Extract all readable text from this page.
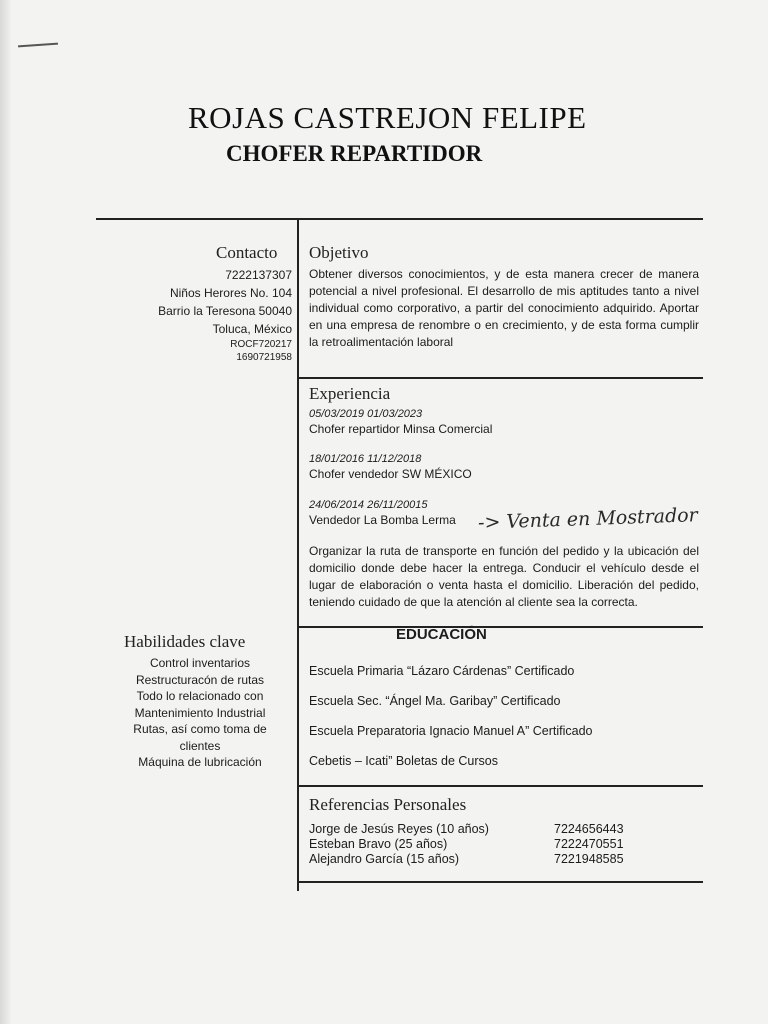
ROJAS CASTREJON FELIPE
CHOFER REPARTIDOR
Contacto
7222137307
Niños Herores No. 104
Barrio la Teresona 50040
Toluca, México
ROCF720217
1690721958
Objetivo
Obtener diversos conocimientos, y de esta manera crecer de manera potencial a nivel profesional. El desarrollo de mis aptitudes tanto a nivel individual como corporativo, a partir del conocimiento adquirido. Aportar en una empresa de renombre o en crecimiento, y de esta forma cumplir la retroalimentación laboral
Experiencia
05/03/2019 01/03/2023
Chofer repartidor Minsa Comercial
18/01/2016 11/12/2018
Chofer vendedor SW MÉXICO
24/06/2014 26/11/20015
Vendedor La Bomba Lerma -> Venta en Mostrador
Organizar la ruta de transporte en función del pedido y la ubicación del domicilio donde debe hacer la entrega. Conducir el vehículo desde el lugar de elaboración o venta hasta el domicilio. Liberación del pedido, teniendo cuidado de que la atención al cliente sea la correcta.
Habilidades clave
Control inventarios
Restructuracón de rutas
Todo lo relacionado con
Mantenimiento Industrial
Rutas, así como toma de
clientes
Máquina de lubricación
EDUCACIÓN
Escuela Primaria “Lázaro Cárdenas” Certificado
Escuela Sec. “Ángel Ma. Garibay” Certificado
Escuela Preparatoria Ignacio Manuel A” Certificado
Cebetis – Icati” Boletas de Cursos
Referencias Personales
Jorge de Jesús Reyes (10 años)	7224656443
Esteban Bravo (25 años)	7222470551
Alejandro García (15 años)	7221948585
